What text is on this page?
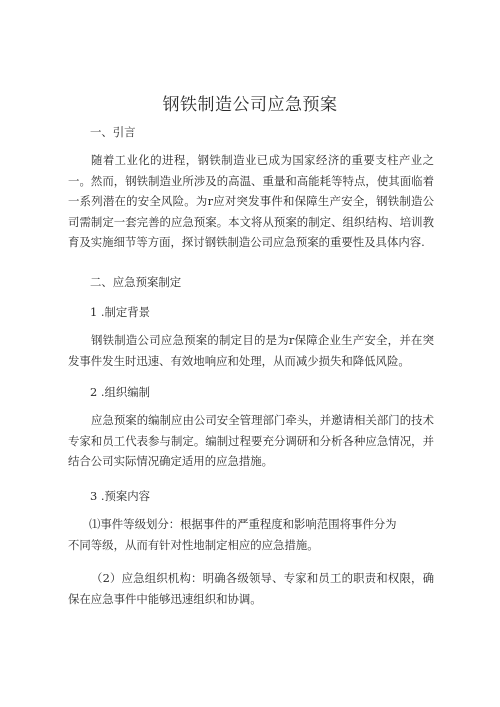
钢铁制造公司应急预案
一、引言
随着工业化的进程，钢铁制造业已成为国家经济的重要支柱产业之一。然而，钢铁制造业所涉及的高温、重量和高能耗等特点，使其面临着一系列潜在的安全风险。为r应对突发事件和保障生产安全，钢铁制造公司需制定一套完善的应急预案。本文将从预案的制定、组织结构、培训教育及实施细节等方面，探讨钢铁制造公司应急预案的重要性及具体内容.
二、应急预案制定
1 .制定背景
钢铁制造公司应急预案的制定目的是为r保障企业生产安全，并在突发事件发生时迅速、有效地响应和处理，从而减少损失和降低风险。
2 .组织编制
应急预案的编制应由公司安全管理部门牵头，并邀请相关部门的技术专家和员工代表参与制定。编制过程要充分调研和分析各种应急情况，并结合公司实际情况确定适用的应急措施。
3 .预案内容
⑴事件等级划分：根据事件的严重程度和影响范围将事件分为
不同等级，从而有针对性地制定相应的应急措施。
（2）应急组织机构：明确各级领导、专家和员工的职责和权限，确保在应急事件中能够迅速组织和协调。
